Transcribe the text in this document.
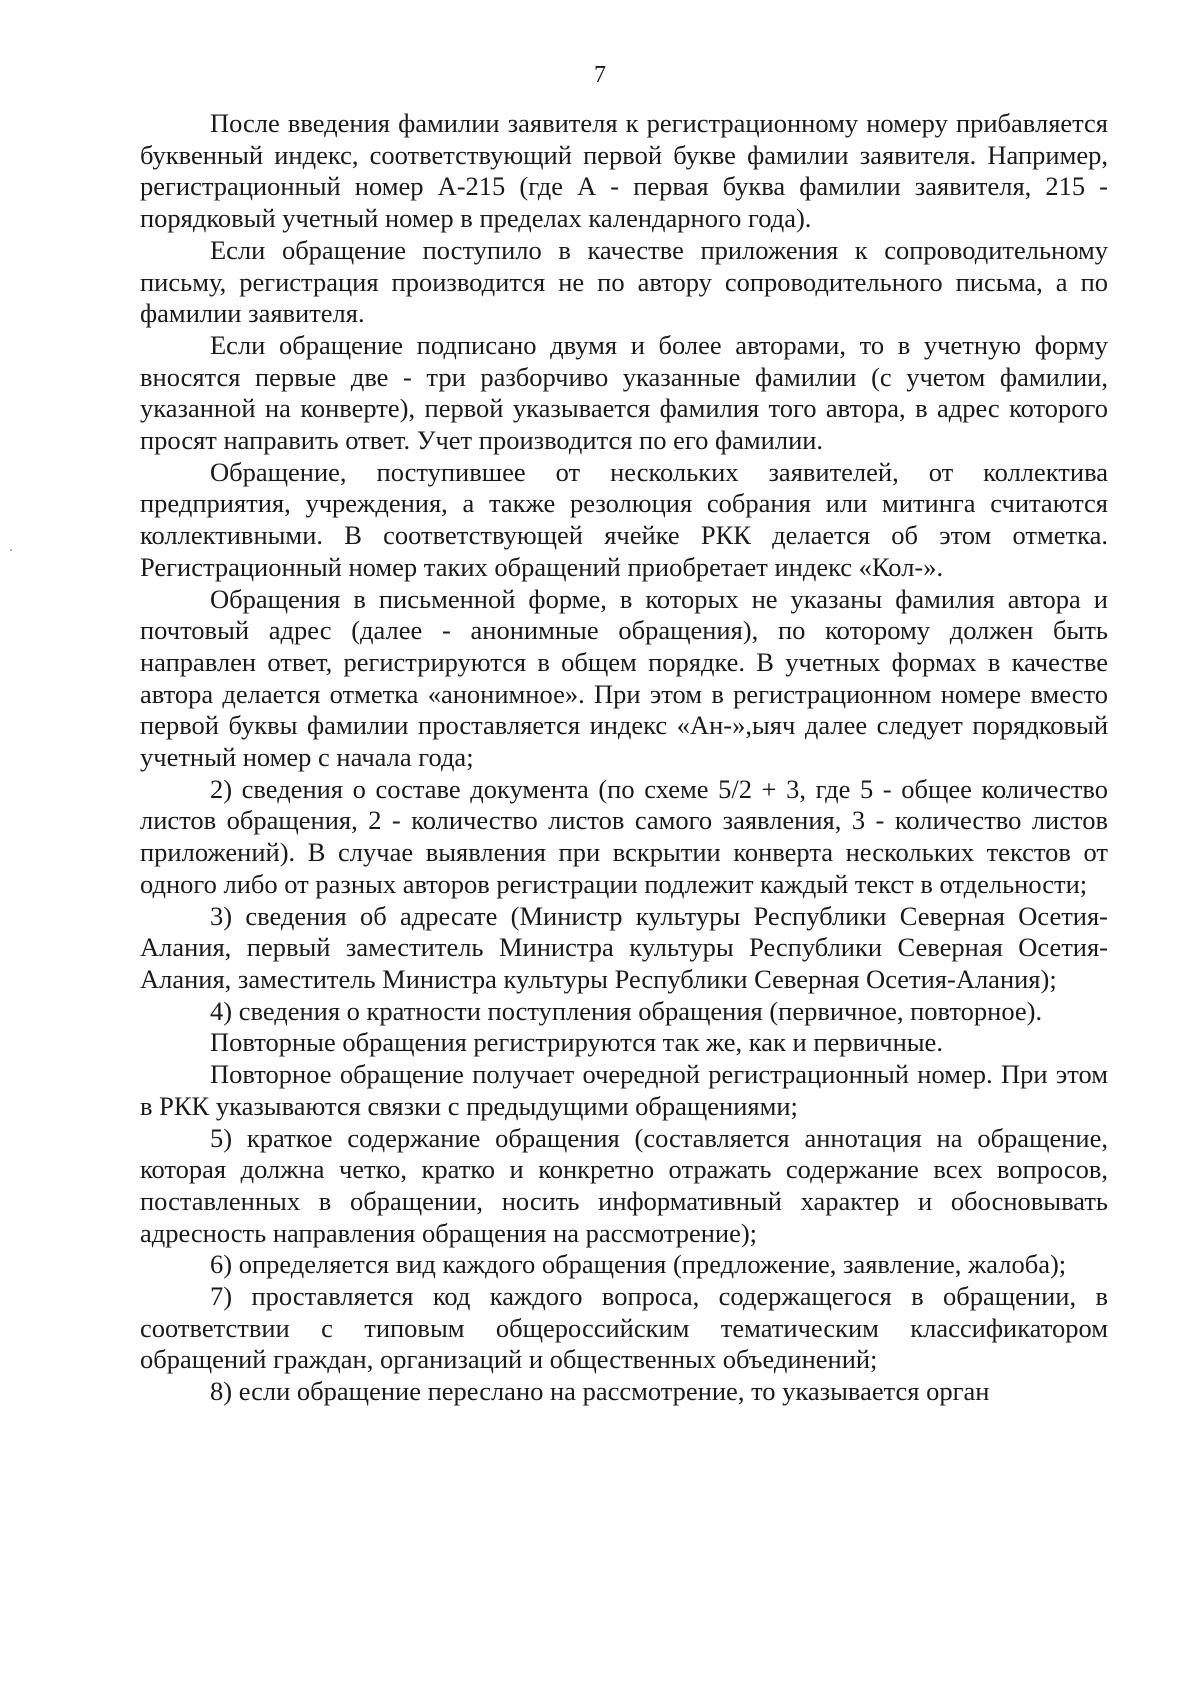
7

После введения фамилии заявителя к регистрационному номеру прибавляется буквенный индекс, соответствующий первой букве фамилии заявителя. Например, регистрационный номер А-215 (где А - первая буква фамилии заявителя, 215 - порядковый учетный номер в пределах календарного года).

Если обращение поступило в качестве приложения к сопроводительному письму, регистрация производится не по автору сопроводительного письма, а по фамилии заявителя.

Если обращение подписано двумя и более авторами, то в учетную форму вносятся первые две - три разборчиво указанные фамилии (с учетом фамилии, указанной на конверте), первой указывается фамилия того автора, в адрес которого просят направить ответ. Учет производится по его фамилии.

Обращение, поступившее от нескольких заявителей, от коллектива предприятия, учреждения, а также резолюция собрания или митинга считаются коллективными. В соответствующей ячейке РКК делается об этом отметка. Регистрационный номер таких обращений приобретает индекс «Кол-».

Обращения в письменной форме, в которых не указаны фамилия автора и почтовый адрес (далее - анонимные обращения), по которому должен быть направлен ответ, регистрируются в общем порядке. В учетных формах в качестве автора делается отметка «анонимное». При этом в регистрационном номере вместо первой буквы фамилии проставляется индекс «Ан-»,ыяч далее следует порядковый учетный номер с начала года;

2) сведения о составе документа (по схеме 5/2 + 3, где 5 - общее количество листов обращения, 2 - количество листов самого заявления, 3 - количество листов приложений). В случае выявления при вскрытии конверта нескольких текстов от одного либо от разных авторов регистрации подлежит каждый текст в отдельности;

3) сведения об адресате (Министр культуры Республики Северная Осетия-Алания, первый заместитель Министра культуры Республики Северная Осетия-Алания, заместитель Министра культуры Республики Северная Осетия-Алания);

4) сведения о кратности поступления обращения (первичное, повторное).

Повторные обращения регистрируются так же, как и первичные.

Повторное обращение получает очередной регистрационный номер. При этом в РКК указываются связки с предыдущими обращениями;

5) краткое содержание обращения (составляется аннотация на обращение, которая должна четко, кратко и конкретно отражать содержание всех вопросов, поставленных в обращении, носить информативный характер и обосновывать адресность направления обращения на рассмотрение);

6) определяется вид каждого обращения (предложение, заявление, жалоба);

7) проставляется код каждого вопроса, содержащегося в обращении, в соответствии с типовым общероссийским тематическим классификатором обращений граждан, организаций и общественных объединений;

8) если обращение переслано на рассмотрение, то указывается орган
